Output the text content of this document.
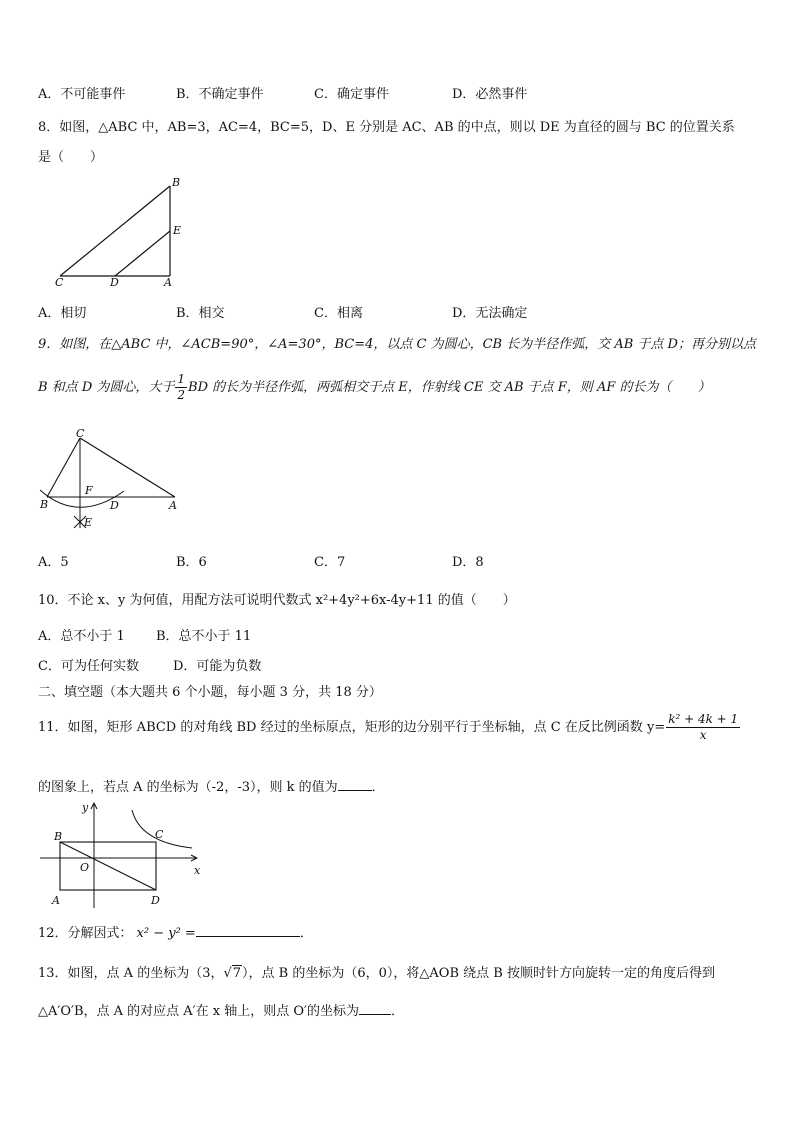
A．不可能事件	B．不确定事件	C．确定事件	D．必然事件
8．如图，△ABC 中，AB=3，AC=4，BC=5，D、E 分别是 AC、AB 的中点，则以 DE 为直径的圆与 BC 的位置关系
是（　　）
B
E
C	D	A
A．相切	B．相交	C．相离	D．无法确定
9．如图，在△ABC 中，∠ACB=90°，∠A=30°，BC=4，以点 C 为圆心，CB 长为半径作弧，交 AB 于点 D；再分别以点
B 和点 D 为圆心，大于 $\frac{1}{2}$ BD 的长为半径作弧，两弧相交于点 E，作射线 CE 交 AB 于点 F，则 AF 的长为（　　）
C
F
B	D	A
E
A．5	B．6	C．7	D．8
10．不论 x、y 为何值，用配方法可说明代数式 x²+4y²+6x-4y+11 的值（　　）
A．总不小于 1 B．总不小于 11
C．可为任何实数	D．可能为负数
二、填空题（本大题共 6 个小题，每小题 3 分，共 18 分）
11．如图，矩形 ABCD 的对角线 BD 经过的坐标原点，矩形的边分别平行于坐标轴，点 C 在反比例函数 $y= \frac{\text{k² + 4k + 1}}{x}$
的图象上，若点 A 的坐标为（-2，-3），则 k 的值为	．
y
B	C
O	x
A	D
12．分解因式： x² − y² =	．
13．如图，点 A 的坐标为（3，√7），点 B 的坐标为（6，0），将△AOB 绕点 B 按顺时针方向旋转一定的角度后得到
△A′O′B，点 A 的对应点 A′在 x 轴上，则点 O′的坐标为 ．
